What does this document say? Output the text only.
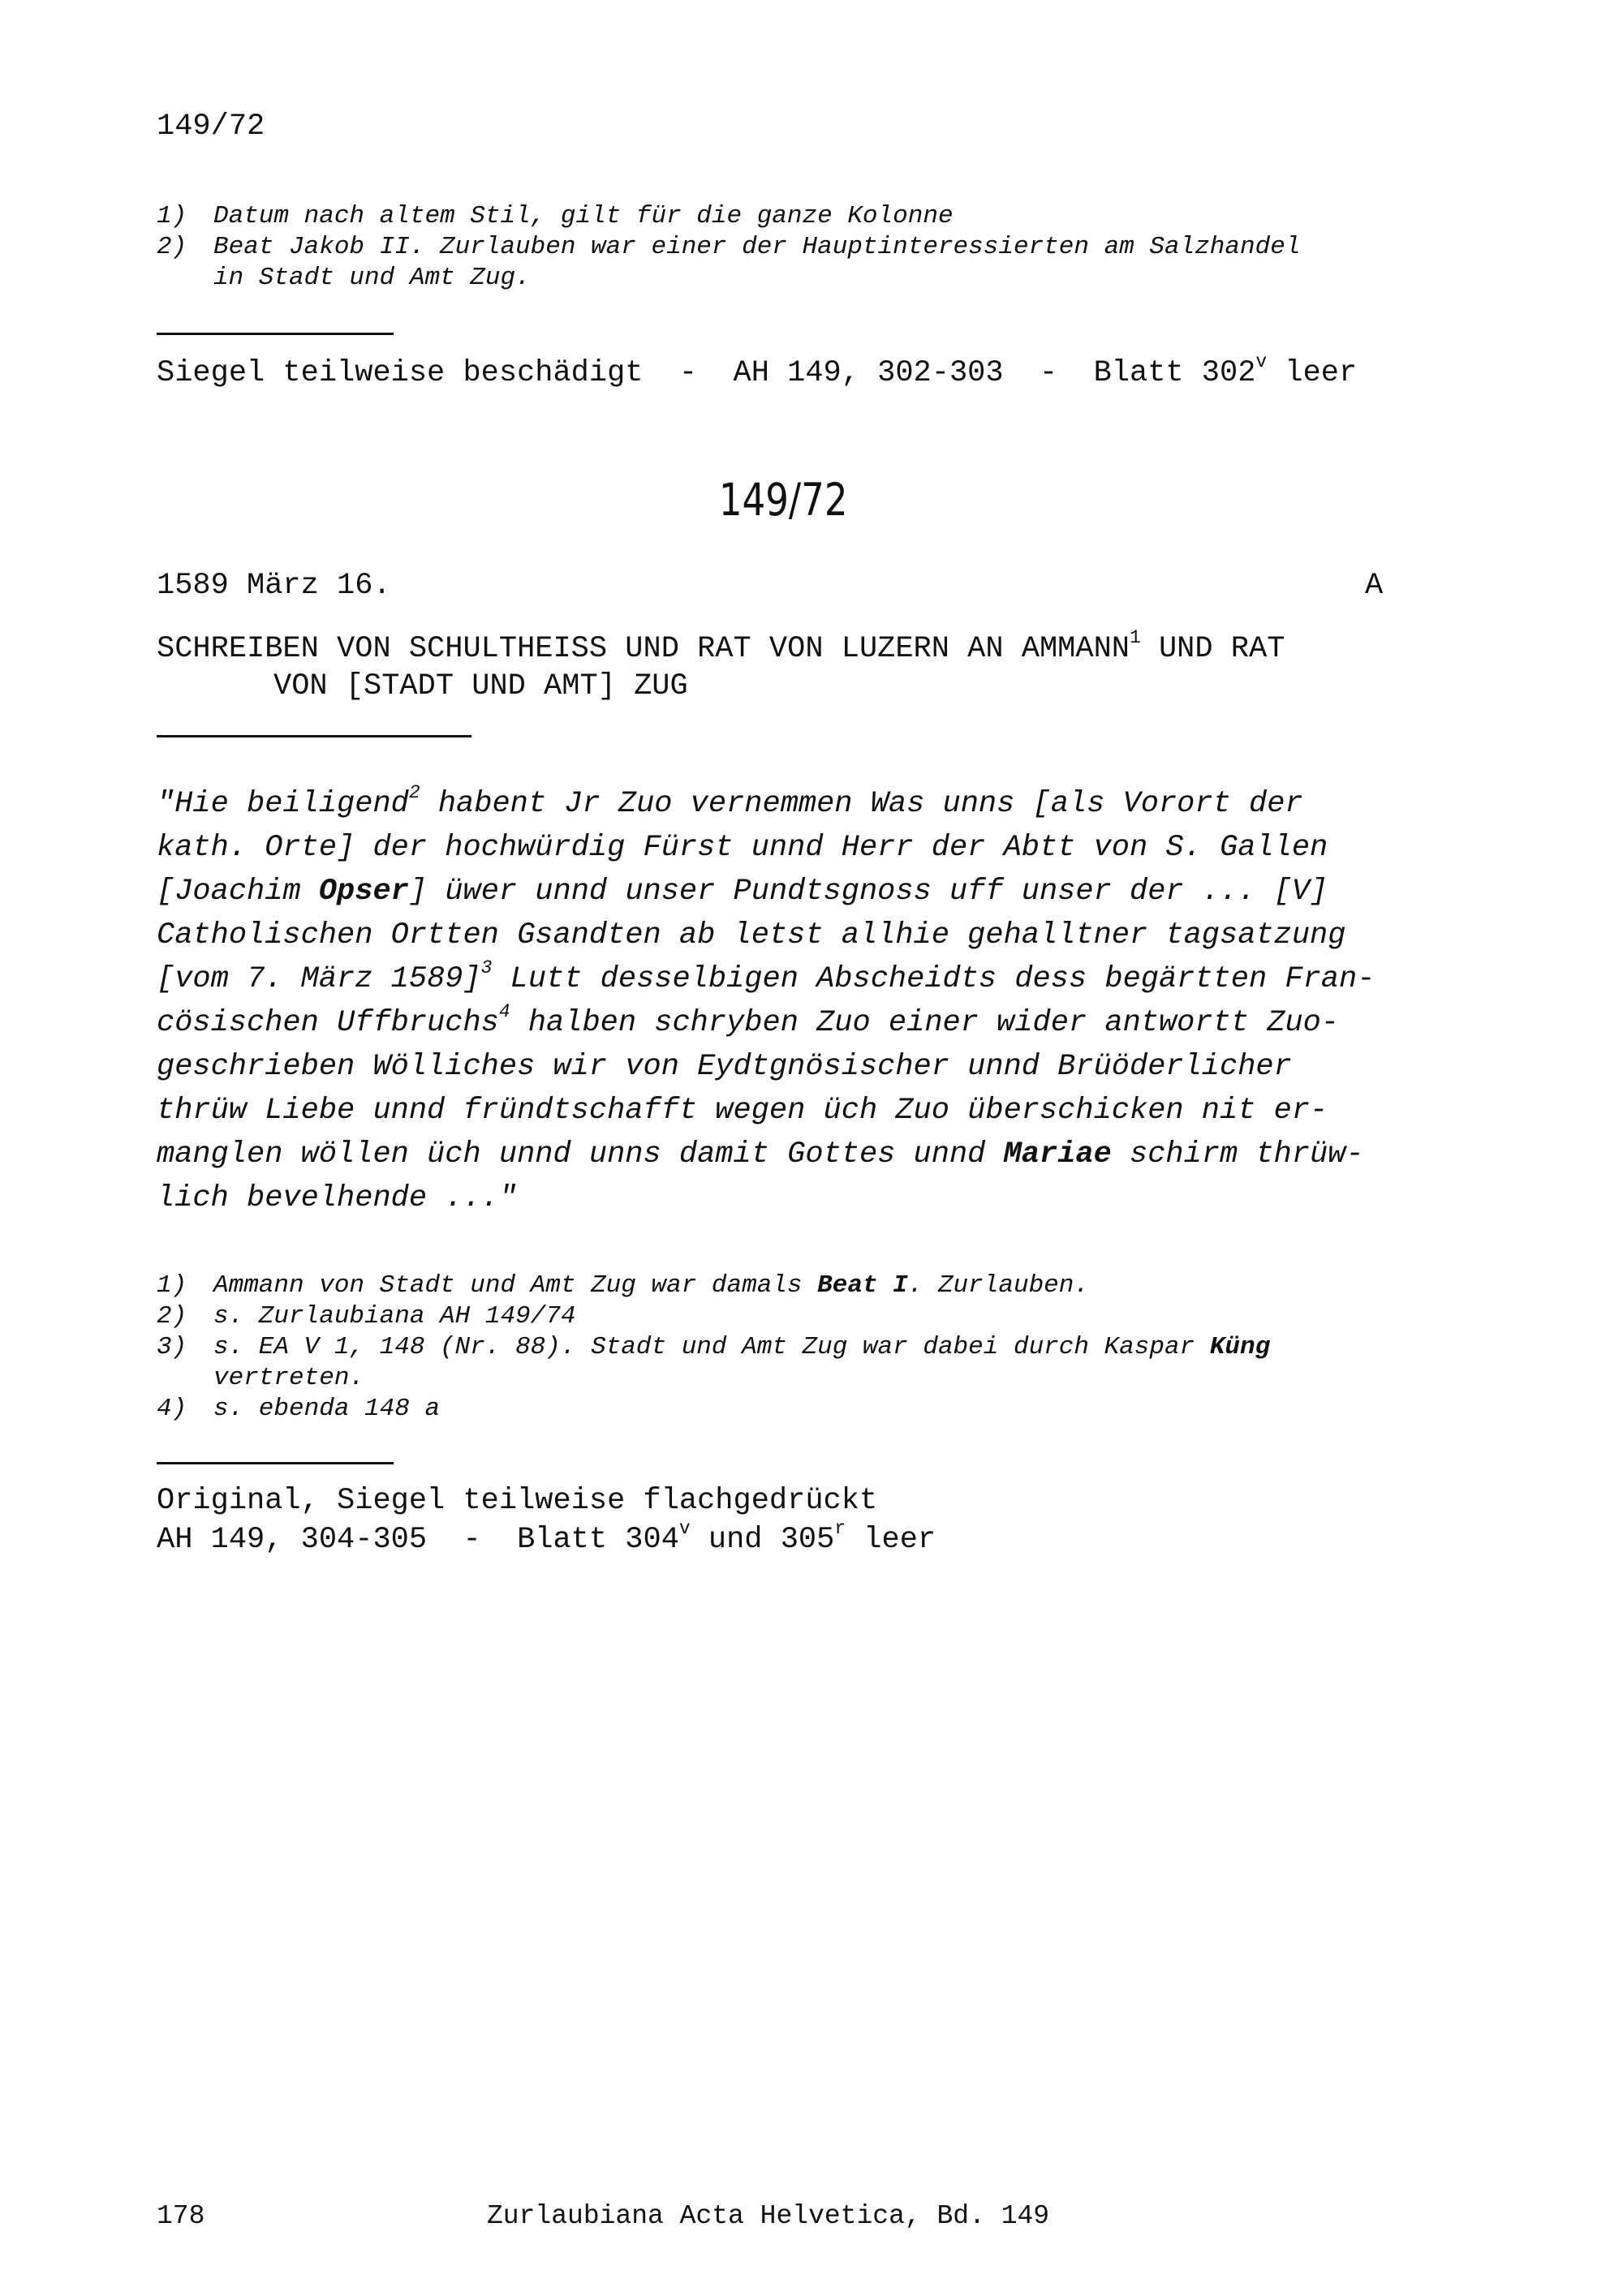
149/72
1)	Datum nach altem Stil, gilt für die ganze Kolonne
2)	Beat Jakob II. Zurlauben war einer der Hauptinteressierten am Salzhandel
in Stadt und Amt Zug.
Siegel teilweise beschädigt  -  AH 149, 302-303  -  Blatt 302$^v$ leer
149/72
1589 März 16.	A
SCHREIBEN VON SCHULTHEISS UND RAT VON LUZERN AN AMMANN$^1$ UND RAT
VON [STADT UND AMT] ZUG
"Hie beiligend$^2$ habent Jr Zuo vernemmen Was unns [als Vorort der
kath. Orte] der hochwürdig Fürst unnd Herr der Abtt von S. Gallen
[Joachim Opser] üwer unnd unser Pundtsgnoss uff unser der ... [V]
Catholischen Ortten Gsandten ab letst allhie gehalltner tagsatzung
[vom 7. März 1589]$^3$ Lutt desselbigen Abscheidts dess begärtten Fran-
cösischen Uffbruchs$^4$ halben schryben Zuo einer wider antwortt Zuo-
geschrieben Wölliches wir von Eydtgnösischer unnd Brüöderlicher
thrüw Liebe unnd fründtschafft wegen üch Zuo überschicken nit er-
manglen wöllen üch unnd unns damit Gottes unnd Mariae schirm thrüw-
lich bevelhende ..."
1)	Ammann von Stadt und Amt Zug war damals Beat I. Zurlauben.
2)	s. Zurlaubiana AH 149/74
3)	s. EA V 1, 148 (Nr. 88). Stadt und Amt Zug war dabei durch Kaspar Küng
vertreten.
4)	s. ebenda 148 a
Original, Siegel teilweise flachgedrückt
AH 149, 304-305  -  Blatt 304$^v$ und 305$^r$ leer
178	Zurlaubiana Acta Helvetica, Bd. 149
